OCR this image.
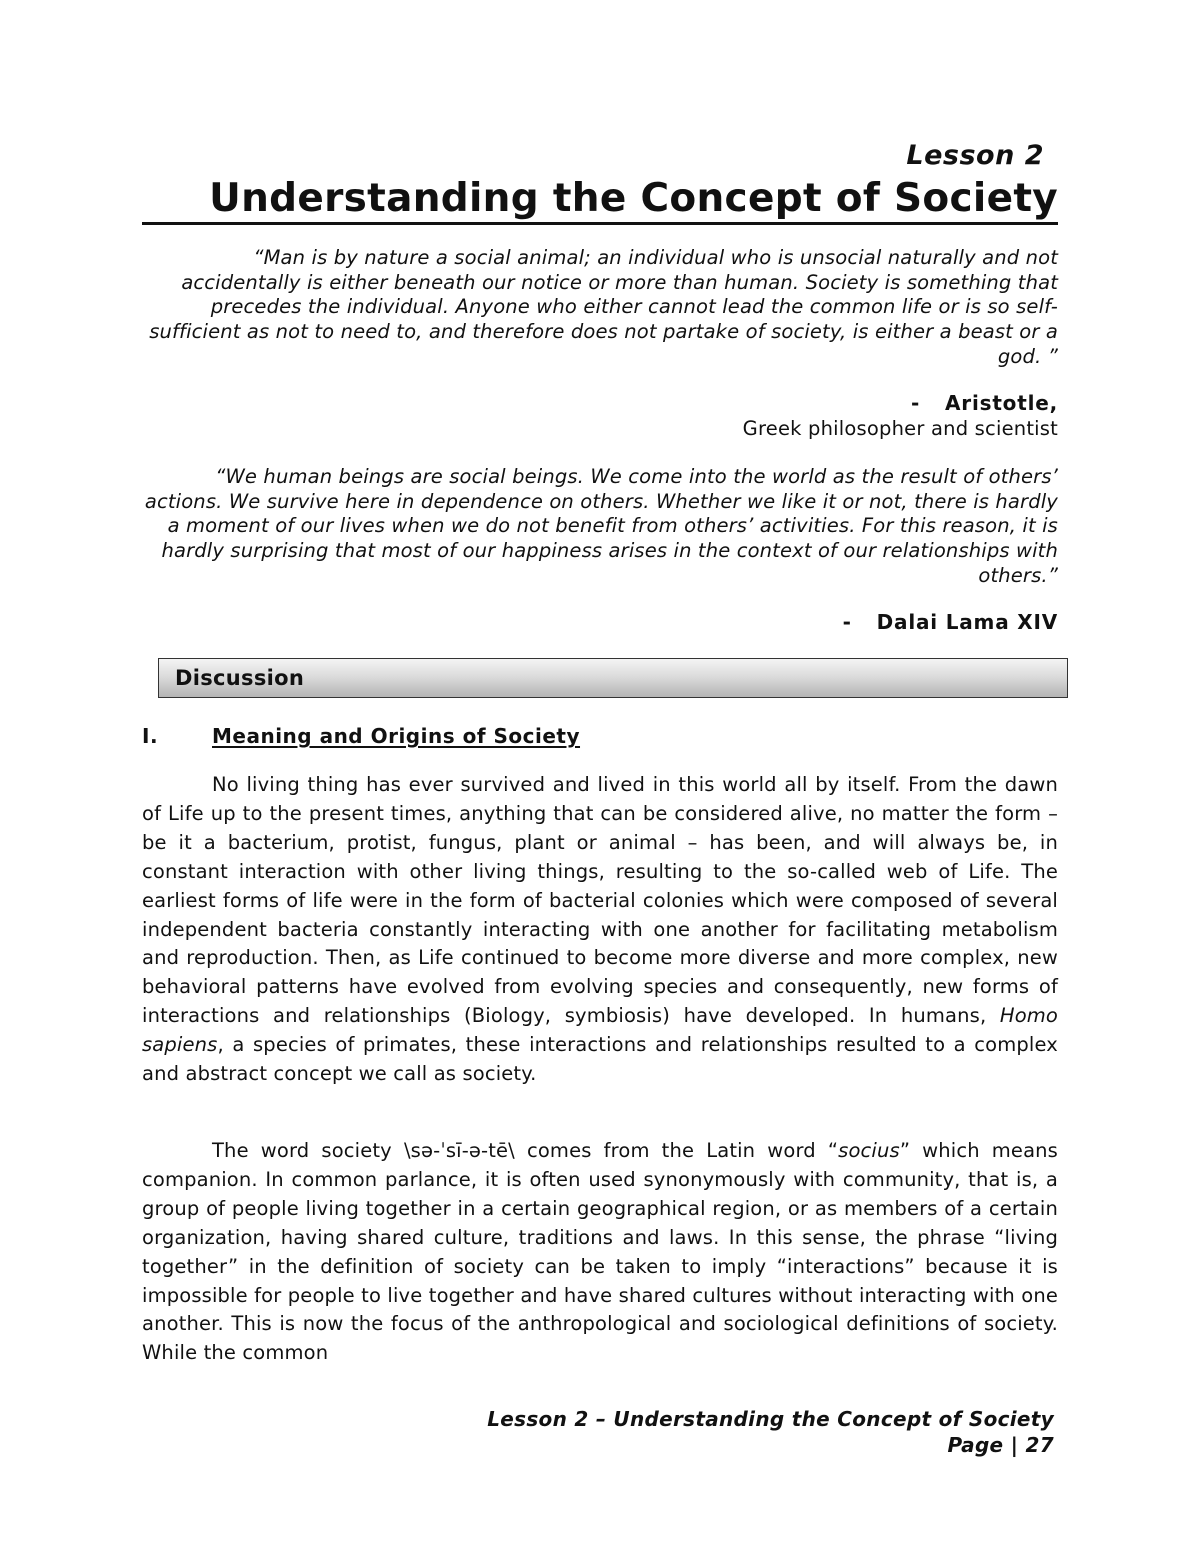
Lesson 2
Understanding the Concept of Society
“Man is by nature a social animal; an individual who is unsocial naturally and not accidentally is either beneath our notice or more than human. Society is something that precedes the individual. Anyone who either cannot lead the common life or is so self-sufficient as not to need to, and therefore does not partake of society, is either a beast or a god. ”
- Aristotle,
Greek philosopher and scientist
“We human beings are social beings. We come into the world as the result of others’ actions. We survive here in dependence on others. Whether we like it or not, there is hardly a moment of our lives when we do not benefit from others’ activities. For this reason, it is hardly surprising that most of our happiness arises in the context of our relationships with others.”
- Dalai Lama XIV
Discussion
I.	Meaning and Origins of Society

No living thing has ever survived and lived in this world all by itself. From the dawn of Life up to the present times, anything that can be considered alive, no matter the form – be it a bacterium, protist, fungus, plant or animal – has been, and will always be, in constant interaction with other living things, resulting to the so-called web of Life. The earliest forms of life were in the form of bacterial colonies which were composed of several independent bacteria constantly interacting with one another for facilitating metabolism and reproduction. Then, as Life continued to become more diverse and more complex, new behavioral patterns have evolved from evolving species and consequently, new forms of interactions and relationships (Biology, symbiosis) have developed. In humans, Homo sapiens, a species of primates, these interactions and relationships resulted to a complex and abstract concept we call as society.

The word society \sə-ˈsī-ə-tē\ comes from the Latin word “socius” which means companion. In common parlance, it is often used synonymously with community, that is, a group of people living together in a certain geographical region, or as members of a certain organization, having shared culture, traditions and laws. In this sense, the phrase “living together” in the definition of society can be taken to imply “interactions” because it is impossible for people to live together and have shared cultures without interacting with one another. This is now the focus of the anthropological and sociological definitions of society. While the common

Lesson 2 – Understanding the Concept of Society
Page | 27
